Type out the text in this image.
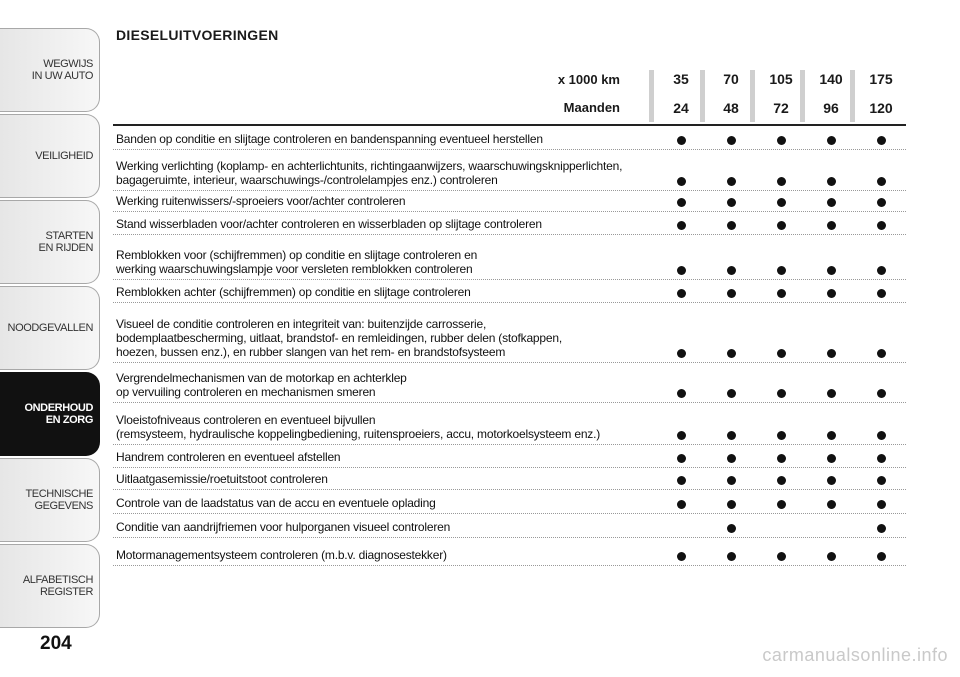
WEGWIJS
IN UW AUTO
VEILIGHEID
STARTEN
EN RIJDEN
NOODGEVALLEN
ONDERHOUD
EN ZORG
TECHNISCHE
GEGEVENS
ALFABETISCH
REGISTER
204
DIESELUITVOERINGEN
x 1000 km
Maanden
35
24
70
48
105
72
140
96
175
120
Banden op conditie en slijtage controleren en bandenspanning eventueel herstellen
Werking verlichting (koplamp- en achterlichtunits, richtingaanwijzers, waarschuwingsknipperlichten,
bagageruimte, interieur, waarschuwings-/controlelampjes enz.) controleren
Werking ruitenwissers/-sproeiers voor/achter controleren
Stand wisserbladen voor/achter controleren en wisserbladen op slijtage controleren
Remblokken voor (schijfremmen) op conditie en slijtage controleren en
werking waarschuwingslampje voor versleten remblokken controleren
Remblokken achter (schijfremmen) op conditie en slijtage controleren
Visueel de conditie controleren en integriteit van: buitenzijde carrosserie,
bodemplaatbescherming, uitlaat, brandstof- en remleidingen, rubber delen (stofkappen,
hoezen, bussen enz.), en rubber slangen van het rem- en brandstofsysteem
Vergrendelmechanismen van de motorkap en achterklep
op vervuiling controleren en mechanismen smeren
Vloeistofniveaus controleren en eventueel bijvullen
(remsysteem, hydraulische koppelingbediening, ruitensproeiers, accu, motorkoelsysteem enz.)
Handrem controleren en eventueel afstellen
Uitlaatgasemissie/roetuitstoot controleren
Controle van de laadstatus van de accu en eventuele oplading
Conditie van aandrijfriemen voor hulporganen visueel controleren
Motormanagementsysteem controleren (m.b.v. diagnosestekker)
carmanualsonline.info
